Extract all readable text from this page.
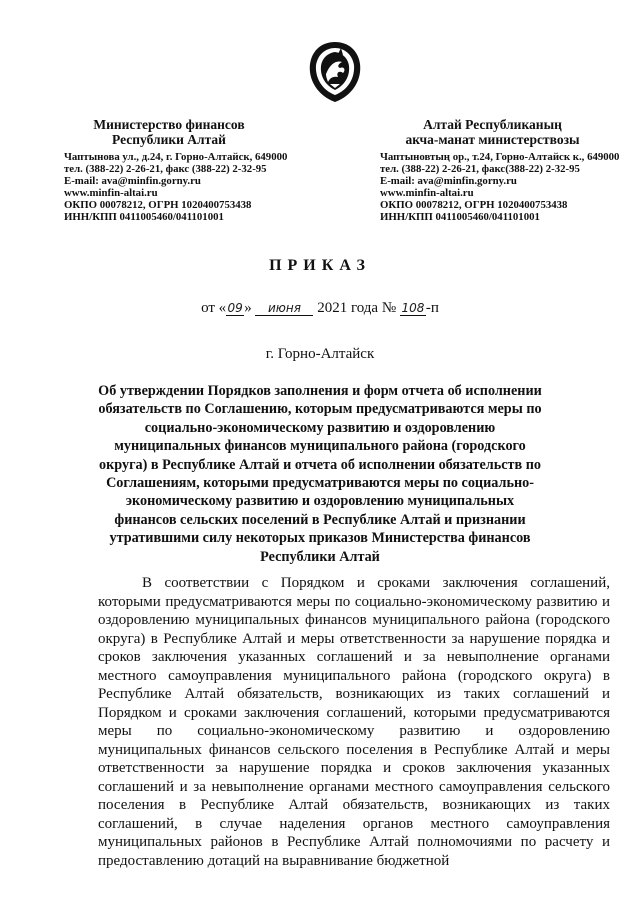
Министерство финансов
Республики Алтай
Чаптынова ул., д.24, г. Горно-Алтайск, 649000
тел. (388-22) 2-26-21, факс (388-22) 2-32-95
E-mail: ava@minfin.gorny.ru
www.minfin-altai.ru
ОКПО 00078212, ОГРН 1020400753438
ИНН/КПП 0411005460/041101001
Алтай Республиканың
акча-манат министерствозы
Чаптыновтың ор., т.24, Горно-Алтайск к., 649000
тел. (388-22) 2-26-21, факс(388-22) 2-32-95
E-mail: ava@minfin.gorny.ru
www.minfin-altai.ru
ОКПО 00078212, ОГРН 1020400753438
ИНН/КПП 0411005460/041101001
ПРИКАЗ
от «09» июня 2021 года № 108 -п
г. Горно-Алтайск
Об утверждении Порядков заполнения и форм отчета об исполнении обязательств по Соглашению, которым предусматриваются меры по социально-экономическому развитию и оздоровлению муниципальных финансов муниципального района (городского округа) в Республике Алтай и отчета об исполнении обязательств по Соглашениям, которыми предусматриваются меры по социально-экономическому развитию и оздоровлению муниципальных финансов сельских поселений в Республике Алтай и признании утратившими силу некоторых приказов Министерства финансов Республики Алтай

В соответствии с Порядком и сроками заключения соглашений, которыми предусматриваются меры по социально-экономическому развитию и оздоровлению муниципальных финансов муниципального района (городского округа) в Республике Алтай и меры ответственности за нарушение порядка и сроков заключения указанных соглашений и за невыполнение органами местного самоуправления муниципального района (городского округа) в Республике Алтай обязательств, возникающих из таких соглашений и Порядком и сроками заключения соглашений, которыми предусматриваются меры по социально-экономическому развитию и оздоровлению муниципальных финансов сельского поселения в Республике Алтай и меры ответственности за нарушение порядка и сроков заключения указанных соглашений и за невыполнение органами местного самоуправления сельского поселения в Республике Алтай обязательств, возникающих из таких соглашений, в случае наделения органов местного самоуправления муниципальных районов в Республике Алтай полномочиями по расчету и предоставлению дотаций на выравнивание бюджетной
